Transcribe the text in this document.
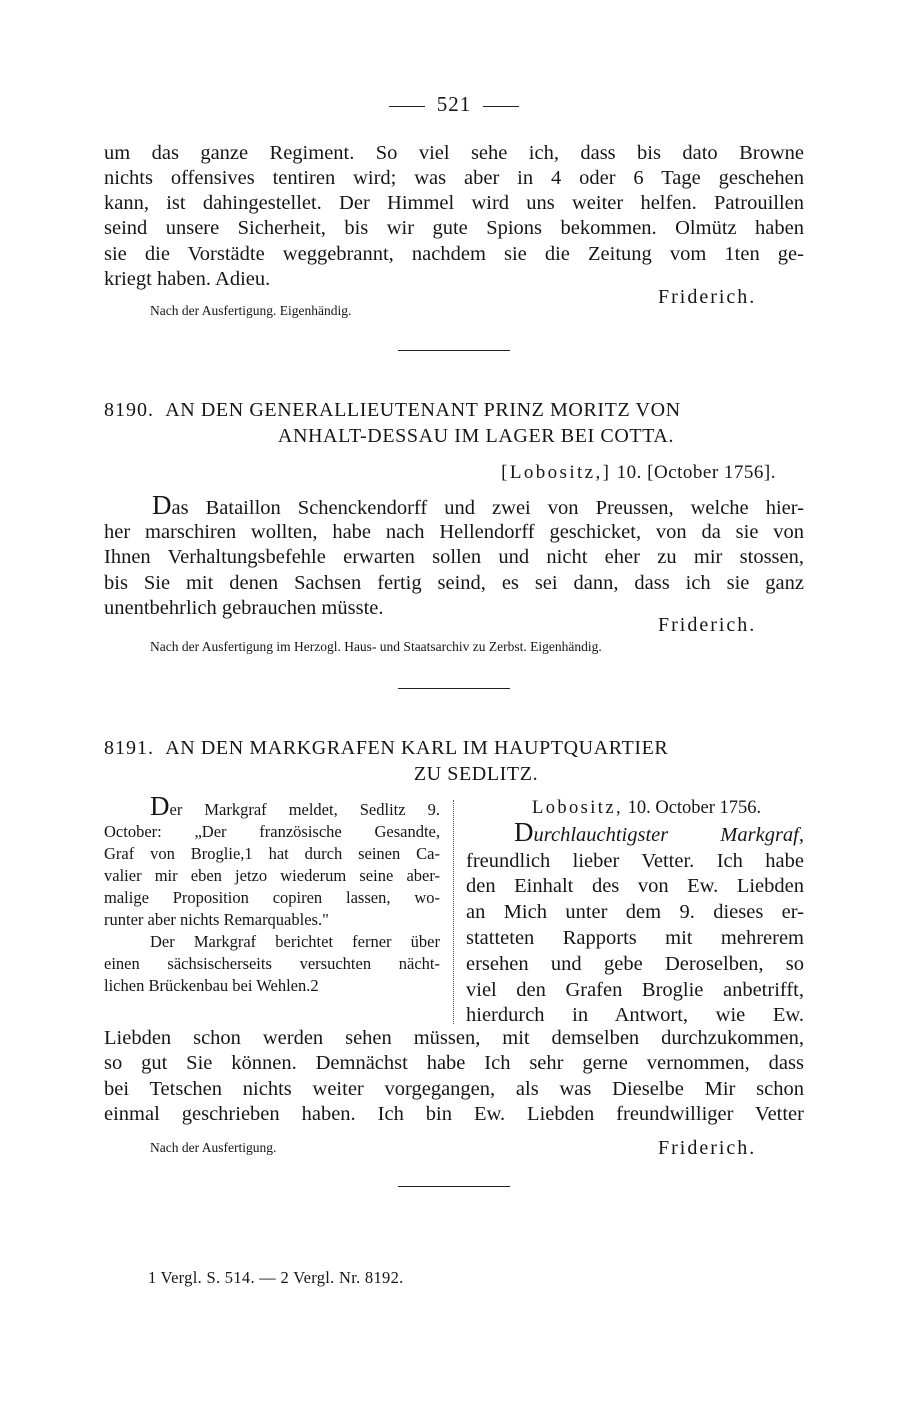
521
um das ganze Regiment. So viel sehe ich, dass bis dato Browne
nichts offensives tentiren wird; was aber in 4 oder 6 Tage geschehen
kann, ist dahingestellet. Der Himmel wird uns weiter helfen. Patrouillen
seind unsere Sicherheit, bis wir gute Spions bekommen. Olmütz haben
sie die Vorstädte weggebrannt, nachdem sie die Zeitung vom 1ten ge-
kriegt haben. Adieu.
Friderich.
Nach der Ausfertigung. Eigenhändig.
8190. AN DEN GENERALLIEUTENANT PRINZ MORITZ VON
ANHALT-DESSAU IM LAGER BEI COTTA.
[Lobositz,] 10. [October 1756].
Das Bataillon Schenckendorff und zwei von Preussen, welche hier-
her marschiren wollten, habe nach Hellendorff geschicket, von da sie von
Ihnen Verhaltungsbefehle erwarten sollen und nicht eher zu mir stossen,
bis Sie mit denen Sachsen fertig seind, es sei dann, dass ich sie ganz
unentbehrlich gebrauchen müsste.
Friderich.
Nach der Ausfertigung im Herzogl. Haus- und Staatsarchiv zu Zerbst. Eigenhändig.
8191. AN DEN MARKGRAFEN KARL IM HAUPTQUARTIER
ZU SEDLITZ.
Der Markgraf meldet, Sedlitz 9.
October: „Der französische Gesandte,
Graf von Broglie,1 hat durch seinen Ca-
valier mir eben jetzo wiederum seine aber-
malige Proposition copiren lassen, wo-
runter aber nichts Remarquables."
Der Markgraf berichtet ferner über
einen sächsischerseits versuchten nächt-
lichen Brückenbau bei Wehlen.2
Lobositz, 10. October 1756.
Durchlauchtigster Markgraf,
freundlich lieber Vetter. Ich habe
den Einhalt des von Ew. Liebden
an Mich unter dem 9. dieses er-
statteten Rapports mit mehrerem
ersehen und gebe Deroselben, so
viel den Grafen Broglie anbetrifft,
hierdurch in Antwort, wie Ew.
Liebden schon werden sehen müssen, mit demselben durchzukommen,
so gut Sie können. Demnächst habe Ich sehr gerne vernommen, dass
bei Tetschen nichts weiter vorgegangen, als was Dieselbe Mir schon
einmal geschrieben haben. Ich bin Ew. Liebden freundwilliger Vetter
Nach der Ausfertigung.	Friderich.
1 Vergl. S. 514. — 2 Vergl. Nr. 8192.
